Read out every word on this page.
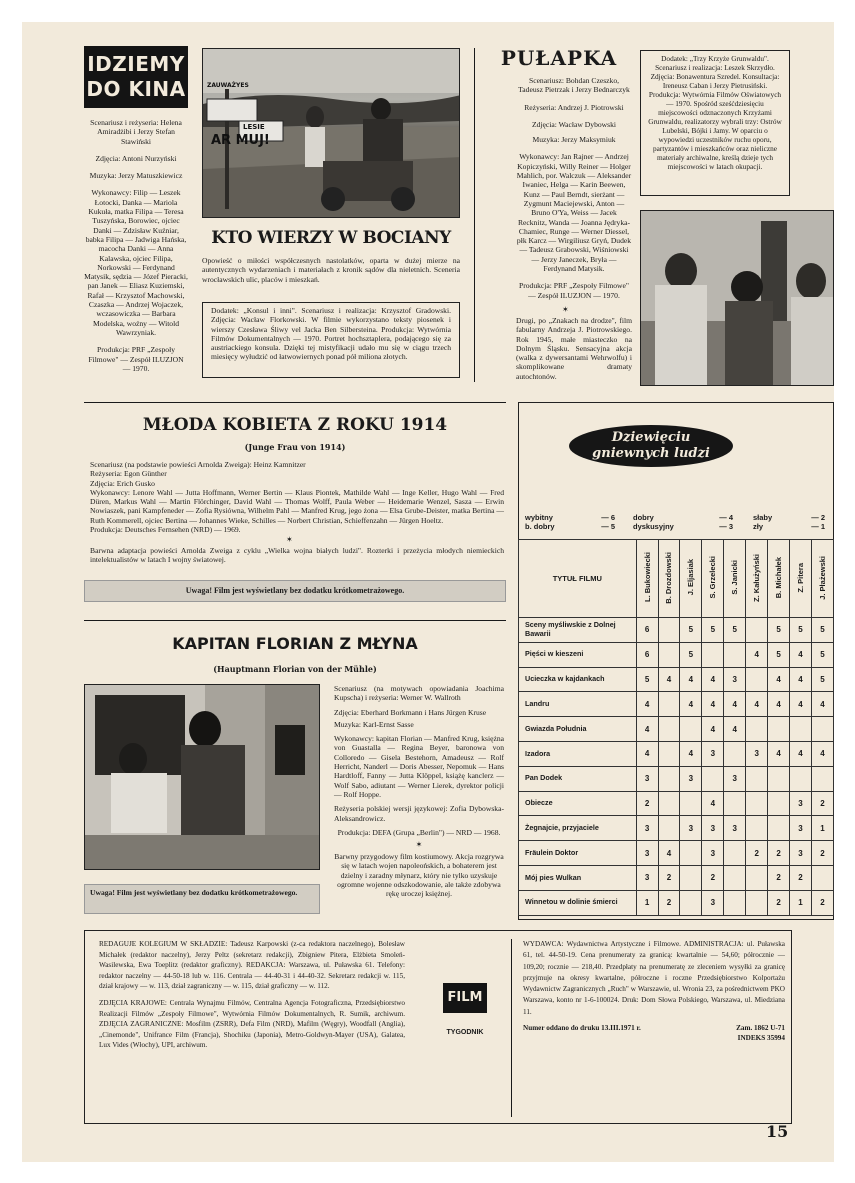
IDZIEMY
DO KINA

Scenariusz i reżyseria: Helena Amiradżibi i Jerzy Stefan Stawiński

Zdjęcia: Antoni Nurzyński

Muzyka: Jerzy Matuszkiewicz

Wykonawcy: Filip — Leszek Łotocki, Danka — Mariola Kukuła, matka Filipa — Teresa Tuszyńska, Borowiec, ojciec Danki — Zdzisław Kuźniar, babka Filipa — Jadwiga Hańska, macocha Danki — Anna Kalawska, ojciec Filipa, Norkowski — Ferdynand Matysik, sędzia — Józef Pieracki, pan Janek — Eliasz Kuziemski, Rafał — Krzysztof Machowski, Czaszka — Andrzej Wojaczek, wczasowiczka — Barbara Modelska, woźny — Witold Wawrzyniak.

Produkcja: PRF „Zespoły Filmowe" — Zespół ILUZJON — 1970.

ZAUWAŻYES
LESIE
AR MUJ!
KTO WIERZY W BOCIANY

Opowieść o miłości współczesnych nastolatków, oparta w dużej mierze na autentycznych wydarzeniach i materiałach z kronik sądów dla nieletnich. Sceneria wrocławskich ulic, placów i mieszkań.

Dodatek: „Konsul i inni". Scenariusz i realizacja: Krzysztof Gradowski. Zdjęcia: Wacław Florkowski. W filmie wykorzystano teksty piosenek i wierszy Czesława Śliwy vel Jacka Ben Silbersteina. Produkcja: Wytwórnia Filmów Dokumentalnych — 1970. Portret hochsztaplera, podającego się za austriackiego konsula. Dzięki tej mistyfikacji udało mu się w ciągu trzech miesięcy wyłudzić od łatwowiernych ponad pół miliona złotych.

PUŁAPKA

Scenariusz: Bohdan Czeszko, Tadeusz Pietrzak i Jerzy Bednarczyk

Reżyseria: Andrzej J. Piotrowski

Zdjęcia: Wacław Dybowski

Muzyka: Jerzy Maksymiuk

Wykonawcy: Jan Rajner — Andrzej Kopiczyński, Willy Reiner — Holger Mahlich, por. Walczuk — Aleksander Iwaniec, Helga — Karin Beewen, Kunz — Paul Berndt, sierżant — Zygmunt Maciejewski, Anton — Bruno O'Ya, Weiss — Jacek Recknitz, Wanda — Joanna Jędryka-Chamiec, Runge — Werner Diessel, płk Karcz — Wirgiliusz Gryń, Dudek — Tadeusz Grabowski, Wiśniowski — Jerzy Janeczek, Bryła — Ferdynand Matysik.

Produkcja: PRF „Zespoły Filmowe" — Zespół ILUZJON — 1970.

✶

Drugi, po „Znakach na drodze", film fabularny Andrzeja J. Piotrowskiego. Rok 1945, małe miasteczko na Dolnym Śląsku. Sensacyjna akcja (walka z dywersantami Wehrwolfu) i skomplikowane dramaty autochtonów.

Dodatek: „Trzy Krzyże Grunwaldu". Scenariusz i realizacja: Leszek Skrzydło. Zdjęcia: Bonawentura Szredel. Konsultacja: Ireneusz Caban i Jerzy Pietrusiński. Produkcja: Wytwórnia Filmów Oświatowych — 1970. Spośród sześćdziesięciu miejscowości odznaczonych Krzyżami Grunwaldu, realizatorzy wybrali trzy: Ostrów Lubelski, Bójki i Jamy. W oparciu o wypowiedzi uczestników ruchu oporu, partyzantów i mieszkańców oraz nieliczne materiały archiwalne, kreślą dzieje tych miejscowości w latach okupacji.

MŁODA KOBIETA Z ROKU 1914
(Junge Frau von 1914)

Scenariusz (na podstawie powieści Arnolda Zweiga): Heinz Kamnitzer
Reżyseria: Egon Günther
Zdjęcia: Erich Gusko
Wykonawcy: Lenore Wahl — Jutta Hoffmann, Werner Bertin — Klaus Piontek, Mathilde Wahl — Inge Keller, Hugo Wahl — Fred Düren, Markus Wahl — Martin Flörchinger, David Wahl — Thomas Wolff, Paula Weber — Heidemarie Wenzel, Sasza — Erwin Nowiaszek, pani Kampfeneder — Zofia Rysiówna, Wilhelm Pahl — Manfred Krug, jego żona — Elsa Grube-Deister, matka Bertina — Ruth Kommerell, ojciec Bertina — Johannes Wieke, Schilles — Norbert Christian, Schieffenzahn — Jürgen Hoeltz.
Produkcja: Deutsches Fernsehen (NRD) — 1969.

✶

Barwna adaptacja powieści Arnolda Zweiga z cyklu „Wielka wojna białych ludzi". Rozterki i przeżycia młodych niemieckich intelektualistów w latach I wojny światowej.

Uwaga! Film jest wyświetlany bez dodatku krótkometrażowego.
KAPITAN FLORIAN Z MŁYNA
(Hauptmann Florian von der Mühle)
Uwaga! Film jest wyświetlany bez dodatku krótkometrażowego.

Scenariusz (na motywach opowiadania Joachima Kupscha) i reżyseria: Werner W. Wallroth

Zdjęcia: Eberhard Borkmann i Hans Jürgen Kruse

Muzyka: Karl-Ernst Sasse

Wykonawcy: kapitan Florian — Manfred Krug, księżna von Guastalla — Regina Beyer, baronowa von Colloredo — Gisela Bestehorn, Amadeusz — Rolf Herricht, Nanderl — Doris Abesser, Nepomuk — Hans Hardtloff, Fanny — Jutta Klöppel, książę kanclerz — Wolf Sabo, adiutant — Werner Lierek, dyrektor policji — Rolf Hoppe.

Reżyseria polskiej wersji językowej: Zofia Dybowska-Aleksandrowicz.

Produkcja: DEFA (Grupa „Berlin") — NRD — 1968.

✶

Barwny przygodowy film kostiumowy. Akcja rozgrywa się w latach wojen napoleońskich, a bohaterem jest dzielny i zaradny młynarz, który nie tylko uzyskuje ogromne wojenne odszkodowanie, ale także zdobywa rękę uroczej księżnej.

Dziewięciu
gniewnych ludzi
wybitny	— 6
b. dobry	— 5
dobry	— 4
dyskusyjny	— 3
słaby	— 2
zły	— 1
TYTUŁ FILMU	L. Bukowiecki	B. Drozdowski	J. Eljasiak	S. Grzelecki	S. Janicki	Z. Kałużyński	B. Michałek	Z. Pitera	J. Płażewski
Sceny myśliwskie z Dolnej Bawarii	6		5	5	5		5	5	5
Pięści w kieszeni	6		5			4	5	4	5
Ucieczka w kajdankach	5	4	4	4	3		4	4	5
Landru	4		4	4	4	4	4	4	4
Gwiazda Południa	4			4	4				
Izadora	4		4	3		3	4	4	4
Pan Dodek	3		3		3				
Obiecze	2			4				3	2
Żegnajcie, przyjaciele	3		3	3	3			3	1
Fräulein Doktor	3	4		3		2	2	3	2
Mój pies Wulkan	3	2		2			2	2	
Winnetou w dolinie śmierci	1	2		3			2	1	2

REDAGUJE KOLEGIUM W SKŁADZIE: Tadeusz Karpowski (z-ca redaktora naczelnego), Bolesław Michałek (redaktor naczelny), Jerzy Peltz (sekretarz redakcji), Zbigniew Pitera, Elżbieta Smoleń-Wasilewska, Ewa Toeplitz (redaktor graficzny). REDAKCJA: Warszawa, ul. Puławska 61. Telefony: redaktor naczelny — 44-50-18 lub w. 116. Centrala — 44-40-31 i 44-40-32. Sekretarz redakcji w. 115, dział krajowy — w. 113, dział zagraniczny — w. 115, dział graficzny — w. 112.

ZDJĘCIA KRAJOWE: Centrala Wynajmu Filmów, Centralna Agencja Fotograficzna, Przedsiębiorstwo Realizacji Filmów „Zespoły Filmowe", Wytwórnia Filmów Dokumentalnych, R. Sumik, archiwum. ZDJĘCIA ZAGRANICZNE: Mosfilm (ZSRR), Defa Film (NRD), Mafilm (Węgry), Woodfall (Anglia), „Cinemonde", Unifrance Film (Francja), Shochiku (Japonia), Metro-Goldwyn-Mayer (USA), Galatea, Lux Vides (Włochy), UPI, archiwum.

FILM
TYGODNIK

WYDAWCA: Wydawnictwa Artystyczne i Filmowe. ADMINISTRACJA: ul. Puławska 61, tel. 44-50-19. Cena prenumeraty za granicą: kwartalnie — 54,60; półrocznie — 109,20; rocznie — 218,40. Przedpłaty na prenumeratę ze zleceniem wysyłki za granicę przyjmuje na okresy kwartalne, półroczne i roczne Przedsiębiorstwo Kolportażu Wydawnictw Zagranicznych „Ruch" w Warszawie, ul. Wronia 23, za pośrednictwem PKO Warszawa, konto nr 1-6-100024. Druk: Dom Słowa Polskiego, Warszawa, ul. Miedziana 11.

Numer oddano do druku 13.III.1971 r.	Zam. 1862 U-71
INDEKS 35994
15
